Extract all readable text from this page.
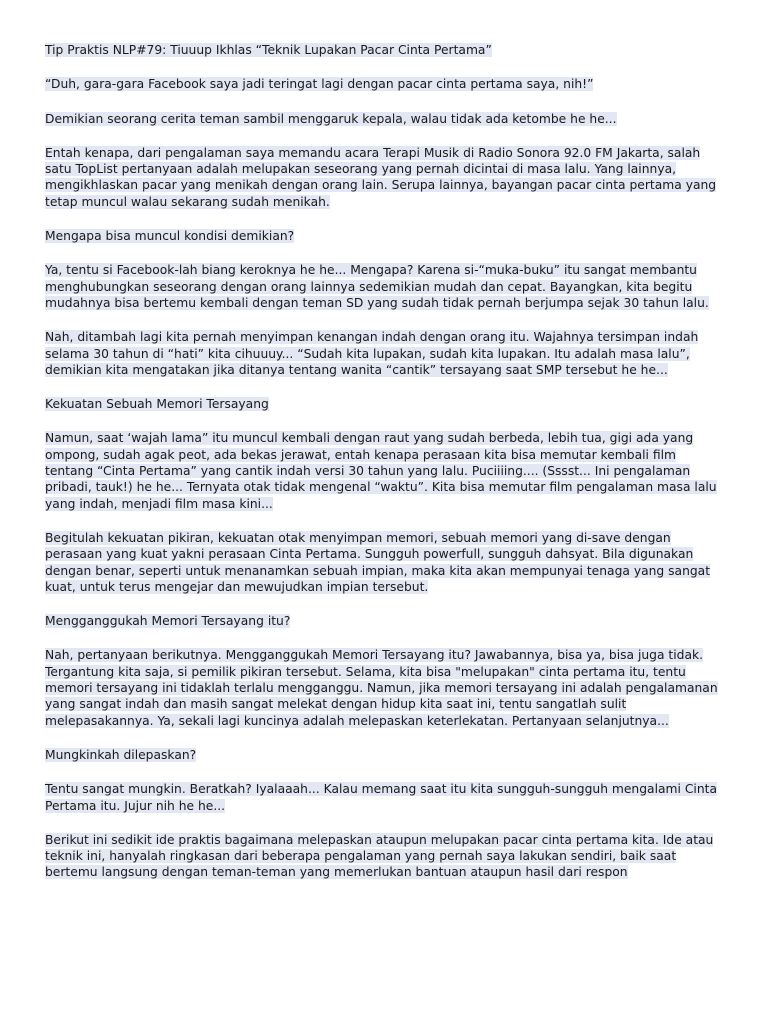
Tip Praktis NLP#79: Tiuuup Ikhlas “Teknik Lupakan Pacar Cinta Pertama”

“Duh, gara-gara Facebook saya jadi teringat lagi dengan pacar cinta pertama saya, nih!”

Demikian seorang cerita teman sambil menggaruk kepala, walau tidak ada ketombe he he...

Entah kenapa, dari pengalaman saya memandu acara Terapi Musik di Radio Sonora 92.0 FM Jakarta, salah satu TopList pertanyaan adalah melupakan seseorang yang pernah dicintai di masa lalu. Yang lainnya, mengikhlaskan pacar yang menikah dengan orang lain. Serupa lainnya, bayangan pacar cinta pertama yang tetap muncul walau sekarang sudah menikah.

Mengapa bisa muncul kondisi demikian?

Ya, tentu si Facebook-lah biang keroknya he he... Mengapa? Karena si-“muka-buku” itu sangat membantu menghubungkan seseorang dengan orang lainnya sedemikian mudah dan cepat. Bayangkan, kita begitu mudahnya bisa bertemu kembali dengan teman SD yang sudah tidak pernah berjumpa sejak 30 tahun lalu.

Nah, ditambah lagi kita pernah menyimpan kenangan indah dengan orang itu. Wajahnya tersimpan indah selama 30 tahun di “hati” kita cihuuuy... “Sudah kita lupakan, sudah kita lupakan. Itu adalah masa lalu”, demikian kita mengatakan jika ditanya tentang wanita “cantik” tersayang saat SMP tersebut he he...

Kekuatan Sebuah Memori Tersayang

Namun, saat ‘wajah lama” itu muncul kembali dengan raut yang sudah berbeda, lebih tua, gigi ada yang ompong, sudah agak peot, ada bekas jerawat, entah kenapa perasaan kita bisa memutar kembali film tentang “Cinta Pertama” yang cantik indah versi 30 tahun yang lalu. Puciiiing.... (Sssst... Ini pengalaman pribadi, tauk!) he he... Ternyata otak tidak mengenal “waktu”. Kita bisa memutar film pengalaman masa lalu yang indah, menjadi film masa kini...

Begitulah kekuatan pikiran, kekuatan otak menyimpan memori, sebuah memori yang di-save dengan perasaan yang kuat yakni perasaan Cinta Pertama. Sungguh powerfull, sungguh dahsyat. Bila digunakan dengan benar, seperti untuk menanamkan sebuah impian, maka kita akan mempunyai tenaga yang sangat kuat, untuk terus mengejar dan mewujudkan impian tersebut.

Mengganggukah Memori Tersayang itu?

Nah, pertanyaan berikutnya. Mengganggukah Memori Tersayang itu? Jawabannya, bisa ya, bisa juga tidak. Tergantung kita saja, si pemilik pikiran tersebut. Selama, kita bisa "melupakan" cinta pertama itu, tentu memori tersayang ini tidaklah terlalu mengganggu. Namun, jika memori tersayang ini adalah pengalamanan yang sangat indah dan masih sangat melekat dengan hidup kita saat ini, tentu sangatlah sulit melepasakannya. Ya, sekali lagi kuncinya adalah melepaskan keterlekatan. Pertanyaan selanjutnya...

Mungkinkah dilepaskan?

Tentu sangat mungkin. Beratkah? Iyalaaah... Kalau memang saat itu kita sungguh-sungguh mengalami Cinta Pertama itu. Jujur nih he he...

Berikut ini sedikit ide praktis bagaimana melepaskan ataupun melupakan pacar cinta pertama kita. Ide atau teknik ini, hanyalah ringkasan dari beberapa pengalaman yang pernah saya lakukan sendiri, baik saat bertemu langsung dengan teman-teman yang memerlukan bantuan ataupun hasil dari respon
